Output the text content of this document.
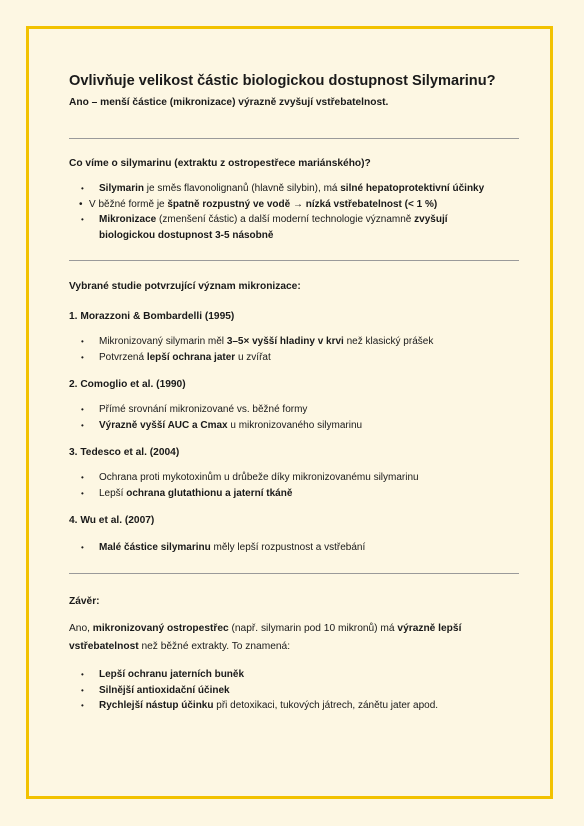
Ovlivňuje velikost částic biologickou dostupnost Silymarinu?
Ano – menší částice (mikronizace) výrazně zvyšují vstřebatelnost.
Co víme o silymarinu (extraktu z ostropestřece mariánského)?
• Silymarin je směs flavonolignanů (hlavně silybin), má silné hepatoprotektivní účinky
• V běžné formě je špatně rozpustný ve vodě → nízká vstřebatelnost (< 1 %)
• Mikronizace (zmenšení částic) a další moderní technologie významně zvyšují
biologickou dostupnost 3-5 násobně
Vybrané studie potvrzující význam mikronizace:
1. Morazzoni & Bombardelli (1995)
• Mikronizovaný silymarin měl 3–5× vyšší hladiny v krvi než klasický prášek
• Potvrzená lepší ochrana jater u zvířat
2. Comoglio et al. (1990)
• Přímé srovnání mikronizované vs. běžné formy
• Výrazně vyšší AUC a Cmax u mikronizovaného silymarinu
3. Tedesco et al. (2004)
• Ochrana proti mykotoxinům u drůbeže díky mikronizovanému silymarinu
• Lepší ochrana glutathionu a jaterní tkáně
4. Wu et al. (2007)
• Malé částice silymarinu měly lepší rozpustnost a vstřebání
Závěr:

Ano, mikronizovaný ostropestřec (např. silymarin pod 10 mikronů) má výrazně lepší
vstřebatelnost než běžné extrakty. To znamená:

• Lepší ochranu jaterních buněk
• Silnější antioxidační účinek
• Rychlejší nástup účinku při detoxikaci, tukových játrech, zánětu jater apod.
